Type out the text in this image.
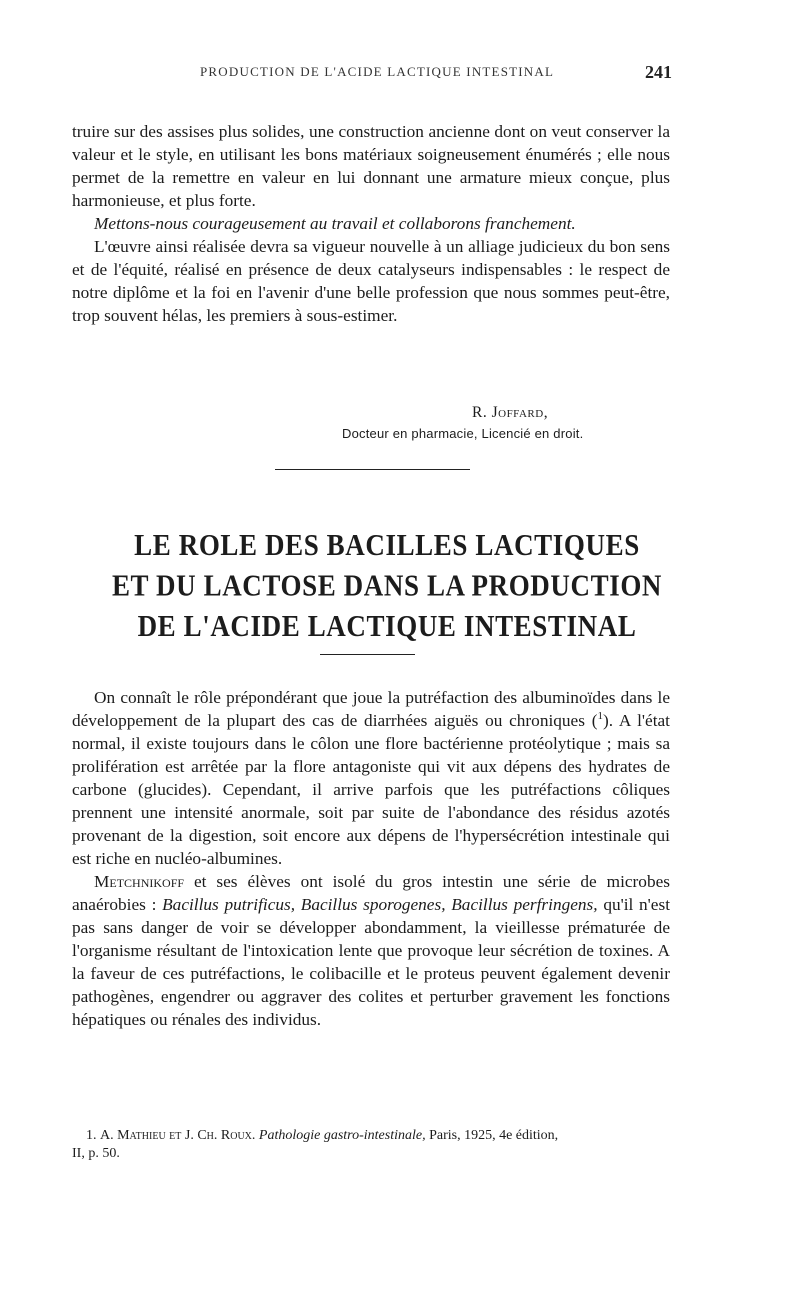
PRODUCTION DE L'ACIDE LACTIQUE INTESTINAL	241

truire sur des assises plus solides, une construction ancienne dont on veut conserver la valeur et le style, en utilisant les bons matériaux soigneusement énumérés ; elle nous permet de la remettre en valeur en lui donnant une armature mieux conçue, plus harmonieuse, et plus forte.

Mettons-nous courageusement au travail et collaborons franchement.

L'œuvre ainsi réalisée devra sa vigueur nouvelle à un alliage judicieux du bon sens et de l'équité, réalisé en présence de deux catalyseurs indispensables : le respect de notre diplôme et la foi en l'avenir d'une belle profession que nous sommes peut-être, trop souvent hélas, les premiers à sous-estimer.

R. Joffard,
Docteur en pharmacie, Licencié en droit.
LE ROLE DES BACILLES LACTIQUES
ET DU LACTOSE DANS LA PRODUCTION
DE L'ACIDE LACTIQUE INTESTINAL

On connaît le rôle prépondérant que joue la putréfaction des albuminoïdes dans le développement de la plupart des cas de diarrhées aiguës ou chroniques ($^1$). A l'état normal, il existe toujours dans le côlon une flore bactérienne protéolytique ; mais sa prolifération est arrêtée par la flore antagoniste qui vit aux dépens des hydrates de carbone (glucides). Cependant, il arrive parfois que les putréfactions côliques prennent une intensité anormale, soit par suite de l'abondance des résidus azotés provenant de la digestion, soit encore aux dépens de l'hypersécrétion intestinale qui est riche en nucléo-albumines.

Metchnikoff et ses élèves ont isolé du gros intestin une série de microbes anaérobies : Bacillus putrificus, Bacillus sporogenes, Bacillus perfringens, qu'il n'est pas sans danger de voir se développer abondamment, la vieillesse prématurée de l'organisme résultant de l'intoxication lente que provoque leur sécrétion de toxines. A la faveur de ces putréfactions, le colibacille et le proteus peuvent également devenir pathogènes, engendrer ou aggraver des colites et perturber gravement les fonctions hépatiques ou rénales des individus.

1. A. Mathieu et J. Ch. Roux. Pathologie gastro-intestinale, Paris, 1925, 4e édition,

II, p. 50.
